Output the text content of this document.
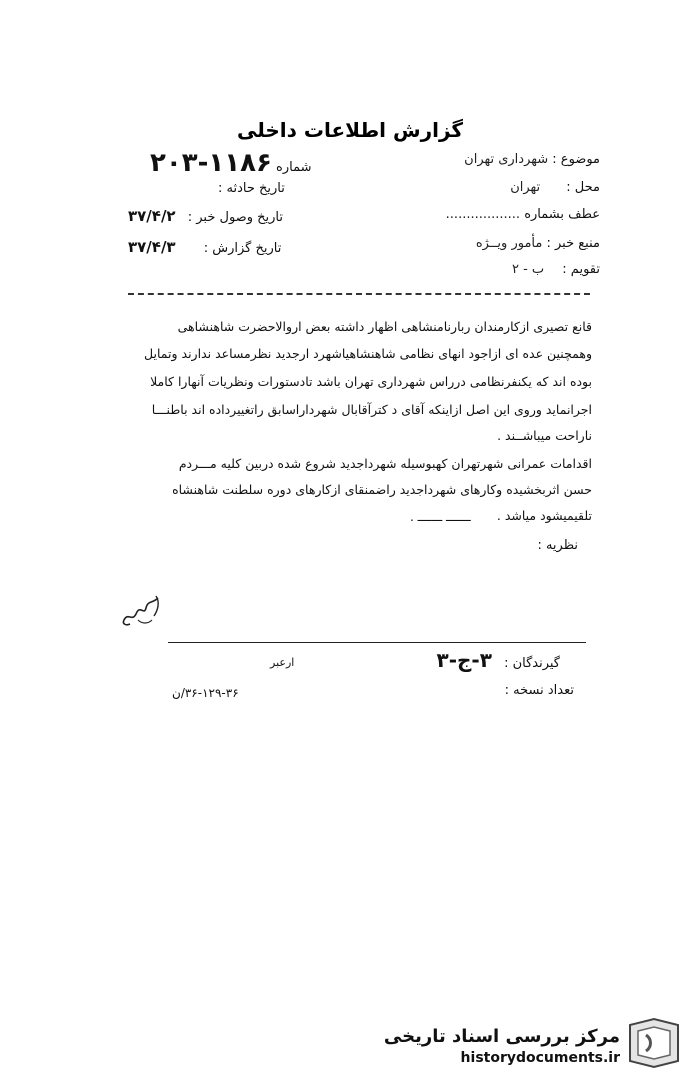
گزارش اطلاعات داخلی
موضوع : شهرداری تهران
محل : تهران
عطف بشماره ..................
منبع خبر : مأمور ویــژه
تقویم : ب - ۲
شماره ۱۱۸۶-۲۰۳
تاریخ حادثه :
تاریخ وصول خبر : ۳۷/۴/۲
تاریخ گزارش : ۳۷/۴/۳
قانع تصیری ازکارمندان ربارنامنشاهی اظهار داشته بعض اروالاحضرت شاهنشاهی
وهمچنین عده ای ازاجود انهای نظامی شاهنشاهیاشهرد ارجدید نظرمساعد ندارند وتمایل
بوده اند که یکنفرنظامی درراس شهرداری تهران باشد تادستورات ونظریات آنهارا کاملا
اجرانماید وروی این اصل ازاینکه آقای د کترآقابال شهرداراسابق راتغییرداده اند باطنـــا
ناراحت میباشــند .
اقدامات عمرانی شهرتهران کهبوسیله شهرداجدید شروع شده دربین کلیه مـــردم
حسن اثربخشیده وکارهای شهرداجدید راضمنقای ازکارهای دوره سلطنت شاهنشاه
تلقیمیشود میاشد .
ـــــــ ـــــــ .
نظریه :
گیرندگان : ۳-ج-۳
ارعبر
تعداد نسخه :
۳۶-۱۲۹-۳۶/ن
مرکز بررسی اسناد تاریخی
historydocuments.ir
